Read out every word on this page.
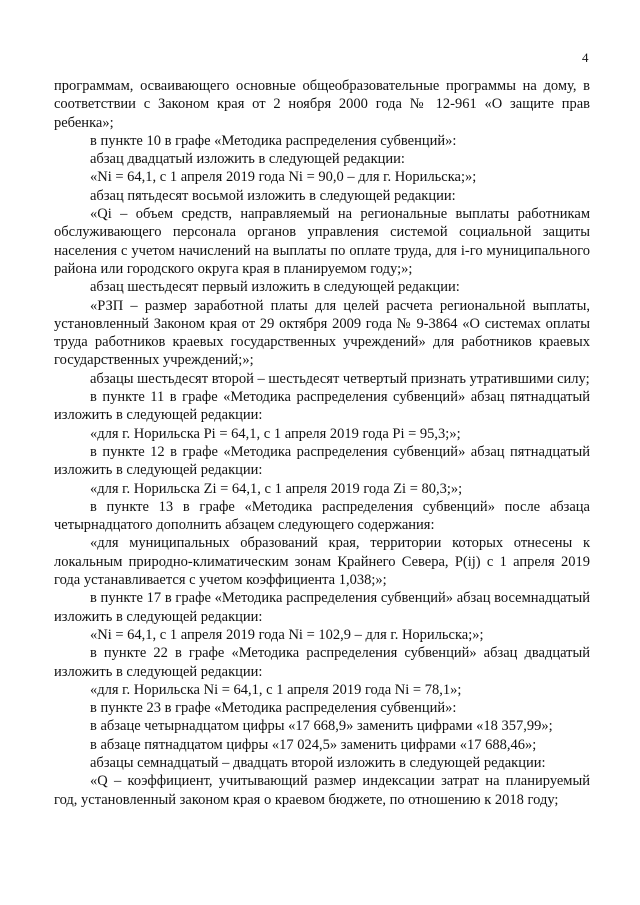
4

программам, осваивающего основные общеобразовательные программы на дому, в соответствии с Законом края от 2 ноября 2000 года № 12-961 «О защите прав ребенка»;

в пункте 10 в графе «Методика распределения субвенций»:

абзац двадцатый изложить в следующей редакции:

«Ni = 64,1, с 1 апреля 2019 года Ni = 90,0 – для г. Норильска;»;

абзац пятьдесят восьмой изложить в следующей редакции:

«Qi – объем средств, направляемый на региональные выплаты работникам обслуживающего персонала органов управления системой социальной защиты населения с учетом начислений на выплаты по оплате труда, для i-го муниципального района или городского округа края в планируемом году;»;

абзац шестьдесят первый изложить в следующей редакции:

«РЗП – размер заработной платы для целей расчета региональной выплаты, установленный Законом края от 29 октября 2009 года № 9-3864 «О системах оплаты труда работников краевых государственных учреждений» для работников краевых государственных учреждений;»;

абзацы шестьдесят второй – шестьдесят четвертый признать утратившими силу;

в пункте 11 в графе «Методика распределения субвенций» абзац пятнадцатый изложить в следующей редакции:

«для г. Норильска Pi = 64,1, с 1 апреля 2019 года Pi = 95,3;»;

в пункте 12 в графе «Методика распределения субвенций» абзац пятнадцатый изложить в следующей редакции:

«для г. Норильска Zi = 64,1, с 1 апреля 2019 года Zi = 80,3;»;

в пункте 13 в графе «Методика распределения субвенций» после абзаца четырнадцатого дополнить абзацем следующего содержания:

«для муниципальных образований края, территории которых отнесены к локальным природно-климатическим зонам Крайнего Севера, P(ij) с 1 апреля 2019 года устанавливается с учетом коэффициента 1,038;»;

в пункте 17 в графе «Методика распределения субвенций» абзац восемнадцатый изложить в следующей редакции:

«Ni = 64,1, с 1 апреля 2019 года Ni = 102,9 – для г. Норильска;»;

в пункте 22 в графе «Методика распределения субвенций» абзац двадцатый изложить в следующей редакции:

«для г. Норильска Ni = 64,1, с 1 апреля 2019 года Ni = 78,1»;

в пункте 23 в графе «Методика распределения субвенций»:

в абзаце четырнадцатом цифры «17 668,9» заменить цифрами «18 357,99»;

в абзаце пятнадцатом цифры «17 024,5» заменить цифрами «17 688,46»;

абзацы семнадцатый – двадцать второй изложить в следующей редакции:

«Q – коэффициент, учитывающий размер индексации затрат на планируемый год, установленный законом края о краевом бюджете, по отношению к 2018 году;
